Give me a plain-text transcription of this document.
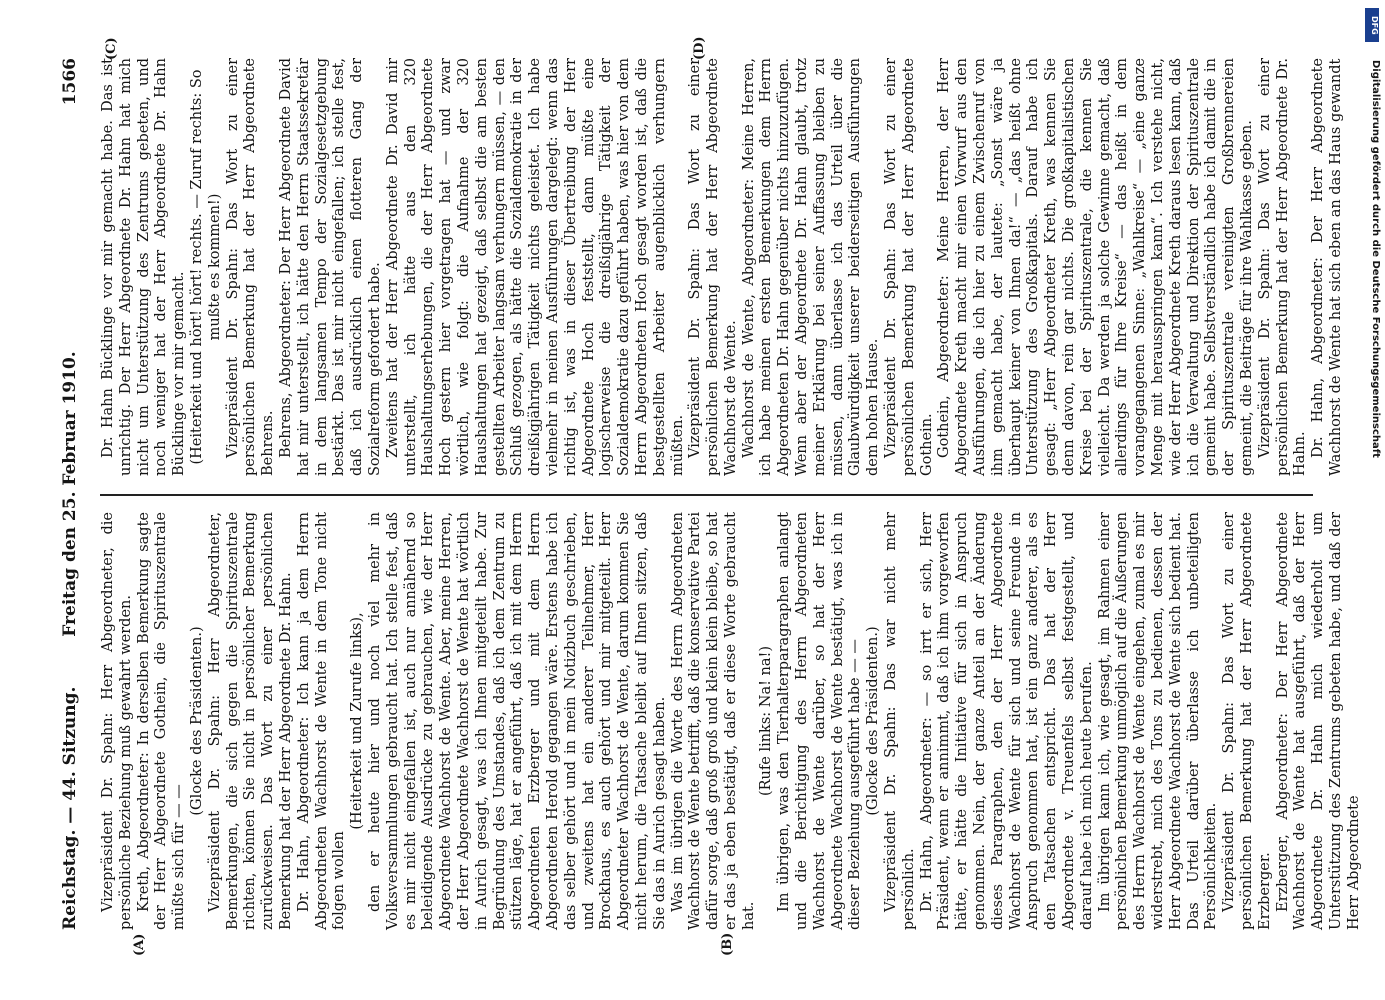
Reichstag. — 44. Sitzung.
Freitag den 25. Februar 1910.
1566
(A)	(B)
(C)	(D)

Vizepräsident Dr. Spahn: Herr Abgeordneter, die persönliche Beziehung muß gewahrt werden. Kreth, Abgeordneter: In derselben Bemerkung sagte der Herr Abgeordnete Gothein, die Spirituszentrale müßte sich für — —

(Glocke des Präsidenten.) Vizepräsident Dr. Spahn: Herr Abgeordneter, Bemerkungen, die sich gegen die Spirituszentrale richten, können Sie nicht in persönlicher Bemerkung zurückweisen. Das Wort zu einer persönlichen Bemerkung hat der Herr Abgeordnete Dr. Hahn. Dr. Hahn, Abgeordneter: Ich kann ja dem Herrn Abgeordneten Wachhorst de Wente in dem Tone nicht folgen wollen

(Heiterkeit und Zurufe links), den er heute hier und noch viel mehr in Volksversammlungen gebraucht hat. Ich stelle fest, daß es mir nicht eingefallen ist, auch nur annähernd so beleidigende Ausdrücke zu gebrauchen, wie der Herr Abgeordnete Wachhorst de Wente. Aber, meine Herren, der Herr Abgeordnete Wachhorst de Wente hat wörtlich in Aurich gesagt, was ich Ihnen mitgeteilt habe. Zur Begründung des Umstandes, daß ich dem Zentrum zu stützen läge, hat er angeführt, daß ich mit dem Herrn Abgeordneten Erzberger und mit dem Herrn Abgeordneten Herold gegangen wäre. Erstens habe ich das selber gehört und in mein Notizbuch geschrieben, und zweitens hat ein anderer Teilnehmer, Herr Brockhaus, es auch gehört und mir mitgeteilt. Herr Abgeordneter Wachhorst de Wente, darum kommen Sie nicht herum, die Tatsache bleibt auf Ihnen sitzen, daß Sie das in Aurich gesagt haben. Was im übrigen die Worte des Herrn Abgeordneten Wachhorst de Wente betrifft, daß die konservative Partei dafür sorge, daß groß groß und klein klein bleibe, so hat er das ja eben bestätigt, daß er diese Worte gebraucht hat.

(Rufe links: Na! na!) Im übrigen, was den Tierhalterparagraphen anlangt und die Berichtigung des Herrn Abgeordneten Wachhorst de Wente darüber, so hat der Herr Abgeordnete Wachhorst de Wente bestätigt, was ich in dieser Beziehung ausgeführt habe — — (Glocke des Präsidenten.) Vizepräsident Dr. Spahn: Das war nicht mehr persönlich. Dr. Hahn, Abgeordneter: — so irrt er sich, Herr Präsident, wenn er annimmt, daß ich ihm vorgeworfen hätte, er hätte die Initiative für sich in Anspruch genommen. Nein, der ganze Anteil an der Änderung dieses Paragraphen, den der Herr Abgeordnete Wachhorst de Wente für sich und seine Freunde in Anspruch genommen hat, ist ein ganz anderer, als es den Tatsachen entspricht. Das hat der Herr Abgeordnete v. Treuenfels selbst festgestellt, und darauf habe ich mich heute berufen. Im übrigen kann ich, wie gesagt, im Rahmen einer persönlichen Bemerkung unmöglich auf die Äußerungen des Herrn Wachhorst de Wente eingehen, zumal es mir widerstrebt, mich des Tons zu bedienen, dessen der Herr Abgeordnete Wachhorst de Wente sich bedient hat. Das Urteil darüber überlasse ich unbeteiligten Persönlichkeiten. Vizepräsident Dr. Spahn: Das Wort zu einer persönlichen Bemerkung hat der Herr Abgeordnete Erzberger. Erzberger, Abgeordneter: Der Herr Abgeordnete Wachhorst de Wente hat ausgeführt, daß der Herr Abgeordnete Dr. Hahn mich wiederholt um Unterstützung des Zentrums gebeten habe, und daß der Herr Abgeordnete

Dr. Hahn Bücklinge vor mir gemacht habe. Das ist unrichtig. Der Herr Abgeordnete Dr. Hahn hat mich nicht um Unterstützung des Zentrums gebeten, und noch weniger hat der Herr Abgeordnete Dr. Hahn Bücklinge vor mir gemacht. (Heiterkeit und hört! hört! rechts. — Zuruf rechts: So mußte es kommen!) Vizepräsident Dr. Spahn: Das Wort zu einer persönlichen Bemerkung hat der Herr Abgeordnete Behrens. Behrens, Abgeordneter: Der Herr Abgeordnete David hat mir unterstellt, ich hätte den Herrn Staatssekretär in dem langsamen Tempo der Sozialgesetzgebung bestärkt. Das ist mir nicht eingefallen; ich stelle fest, daß ich ausdrücklich einen flotteren Gang der Sozialreform gefordert habe. Zweitens hat der Herr Abgeordnete Dr. David mir unterstellt, ich hätte aus den 320 Haushaltungserhebungen, die der Herr Abgeordnete Hoch gestern hier vorgetragen hat — und zwar wörtlich, wie folgt: die Aufnahme der 320 Haushaltungen hat gezeigt, daß selbst die am besten gestellten Arbeiter langsam verhungern müssen, — den Schluß gezogen, als hätte die Sozialdemokratie in der dreißigjährigen Tätigkeit nichts geleistet. Ich habe vielmehr in meinen Ausführungen dargelegt: wenn das richtig ist, was in dieser Übertreibung der Herr Abgeordnete Hoch feststellt, dann müßte eine logischerweise die dreißigjährige Tätigkeit der Sozialdemokratie dazu geführt haben, was hier von dem Herrn Abgeordneten Hoch gesagt worden ist, daß die bestgestellten Arbeiter augenblicklich verhungern müßten. Vizepräsident Dr. Spahn: Das Wort zu einer persönlichen Bemerkung hat der Herr Abgeordnete Wachhorst de Wente. Wachhorst de Wente, Abgeordneter: Meine Herren, ich habe meinen ersten Bemerkungen dem Herrn Abgeordneten Dr. Hahn gegenüber nichts hinzuzufügen. Wenn aber der Abgeordnete Dr. Hahn glaubt, trotz meiner Erklärung bei seiner Auffassung bleiben zu müssen, dann überlasse ich das Urteil über die Glaubwürdigkeit unserer beiderseitigen Ausführungen dem hohen Hause. Vizepräsident Dr. Spahn: Das Wort zu einer persönlichen Bemerkung hat der Herr Abgeordnete Gothein. Gothein, Abgeordneter: Meine Herren, der Herr Abgeordnete Kreth macht mir einen Vorwurf aus den Ausführungen, die ich hier zu einem Zwischenruf von ihm gemacht habe, der lautete: „Sonst wäre ja überhaupt keiner von Ihnen da!“ — „das heißt ohne Unterstützung des Großkapitals. Darauf habe ich gesagt: „Herr Abgeordneter Kreth, was kennen Sie denn davon, rein gar nichts. Die großkapitalistischen Kreise bei der Spirituszentrale, die kennen Sie vielleicht. Da werden ja solche Gewinne gemacht, daß allerdings für Ihre Kreise“ — das heißt in dem vorangegangenen Sinne: „Wahlkreise“ — „eine ganze Menge mit herausspringen kann“. Ich verstehe nicht, wie der Herr Abgeordnete Kreth daraus lesen kann, daß ich die Verwaltung und Direktion der Spirituszentrale gemeint habe. Selbstverständlich habe ich damit die in der Spirituszentrale vereinigten Großbrennereien gemeint, die Beiträge für ihre Wahlkasse geben. Vizepräsident Dr. Spahn: Das Wort zu einer persönlichen Bemerkung hat der Herr Abgeordnete Dr. Hahn. Dr. Hahn, Abgeordneter: Der Herr Abgeordnete Wachhorst de Wente hat sich eben an das Haus gewandt	Digitalisierung gefördert durch die Deutsche Forschungsgemeinschaft
DFG
